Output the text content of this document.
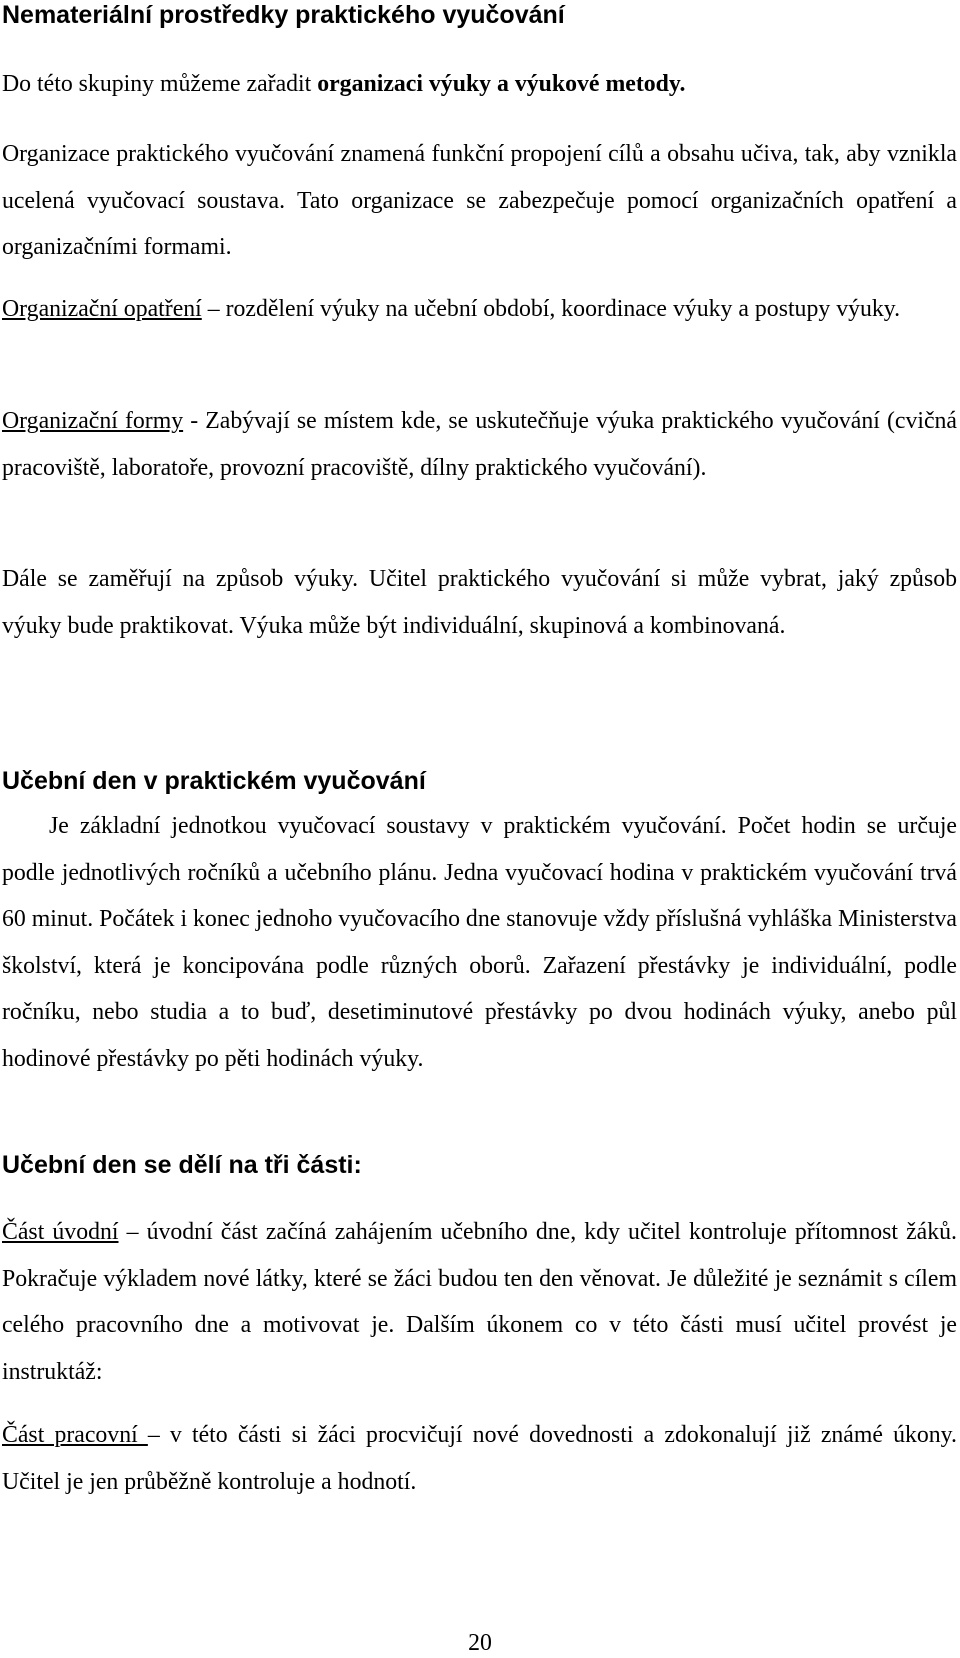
Nemateriální prostředky praktického vyučování

Do této skupiny můžeme zařadit organizaci výuky a výukové metody.

Organizace praktického vyučování znamená funkční propojení cílů a obsahu učiva, tak, aby vznikla ucelená vyučovací soustava. Tato organizace se zabezpečuje pomocí organizačních opatření a organizačními formami.

Organizační opatření – rozdělení výuky na učební období, koordinace výuky a postupy výuky.

Organizační formy - Zabývají se místem kde, se uskutečňuje výuka praktického vyučování (cvičná pracoviště, laboratoře, provozní pracoviště, dílny praktického vyučování).

Dále se zaměřují na způsob výuky. Učitel praktického vyučování si může vybrat, jaký způsob výuky bude praktikovat. Výuka může být individuální, skupinová a kombinovaná.

Učební den v praktickém vyučování

Je základní jednotkou vyučovací soustavy v praktickém vyučování. Počet hodin se určuje podle jednotlivých ročníků a učebního plánu. Jedna vyučovací hodina v praktickém vyučování trvá 60 minut. Počátek i konec jednoho vyučovacího dne stanovuje vždy příslušná vyhláška Ministerstva školství, která je koncipována podle různých oborů. Zařazení přestávky je individuální, podle ročníku, nebo studia a to buď, desetiminutové přestávky po dvou hodinách výuky, anebo půl hodinové přestávky po pěti hodinách výuky.

Učební den se dělí na tři části:

Část úvodní – úvodní část začíná zahájením učebního dne, kdy učitel kontroluje přítomnost žáků. Pokračuje výkladem nové látky, které se žáci budou ten den věnovat. Je důležité je seznámit s cílem celého pracovního dne a motivovat je. Dalším úkonem co v této části musí učitel provést je instruktáž:

Část pracovní – v této části si žáci procvičují nové dovednosti a zdokonalují již známé úkony. Učitel je jen průběžně kontroluje a hodnotí.

20
